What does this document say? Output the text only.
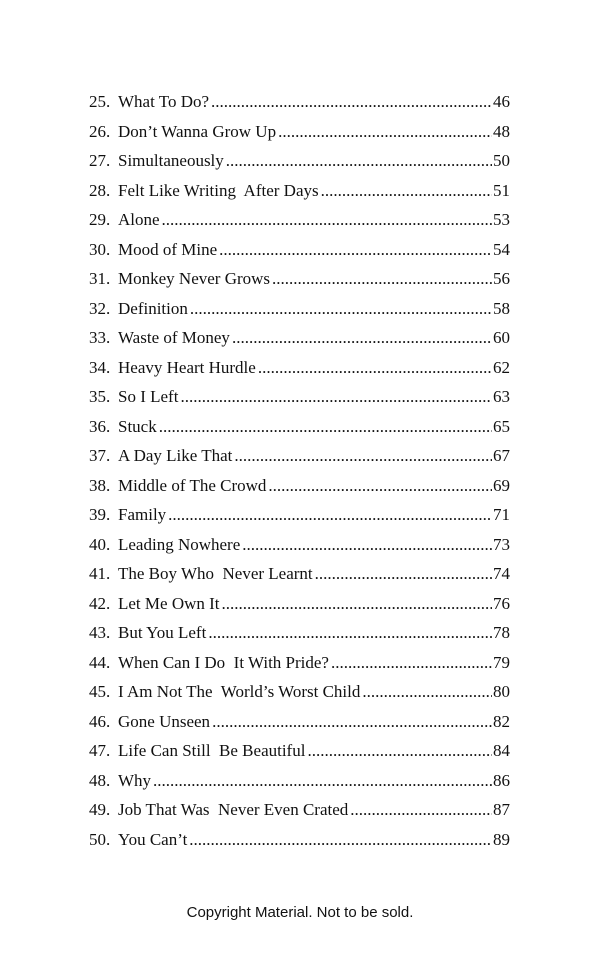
25. What To Do? .....	46
26. Don’t Wanna Grow Up .....	48
27. Simultaneously .....	50
28. Felt Like Writing  After Days .....	51
29. Alone .....	53
30. Mood of Mine .....	54
31. Monkey Never Grows .....	56
32. Definition .....	58
33. Waste of Money .....	60
34. Heavy Heart Hurdle .....	62
35. So I Left .....	63
36. Stuck .....	65
37. A Day Like That .....	67
38. Middle of The Crowd .....	69
39. Family .....	71
40. Leading Nowhere .....	73
41. The Boy Who  Never Learnt .....	74
42. Let Me Own It .....	76
43. But You Left .....	78
44. When Can I Do  It With Pride? .....	79
45. I Am Not The  World’s Worst Child .....	80
46. Gone Unseen .....	82
47. Life Can Still  Be Beautiful .....	84
48. Why .....	86
49. Job That Was  Never Even Crated .....	87
50. You Can’t .....	89
Copyright Material. Not to be sold.
